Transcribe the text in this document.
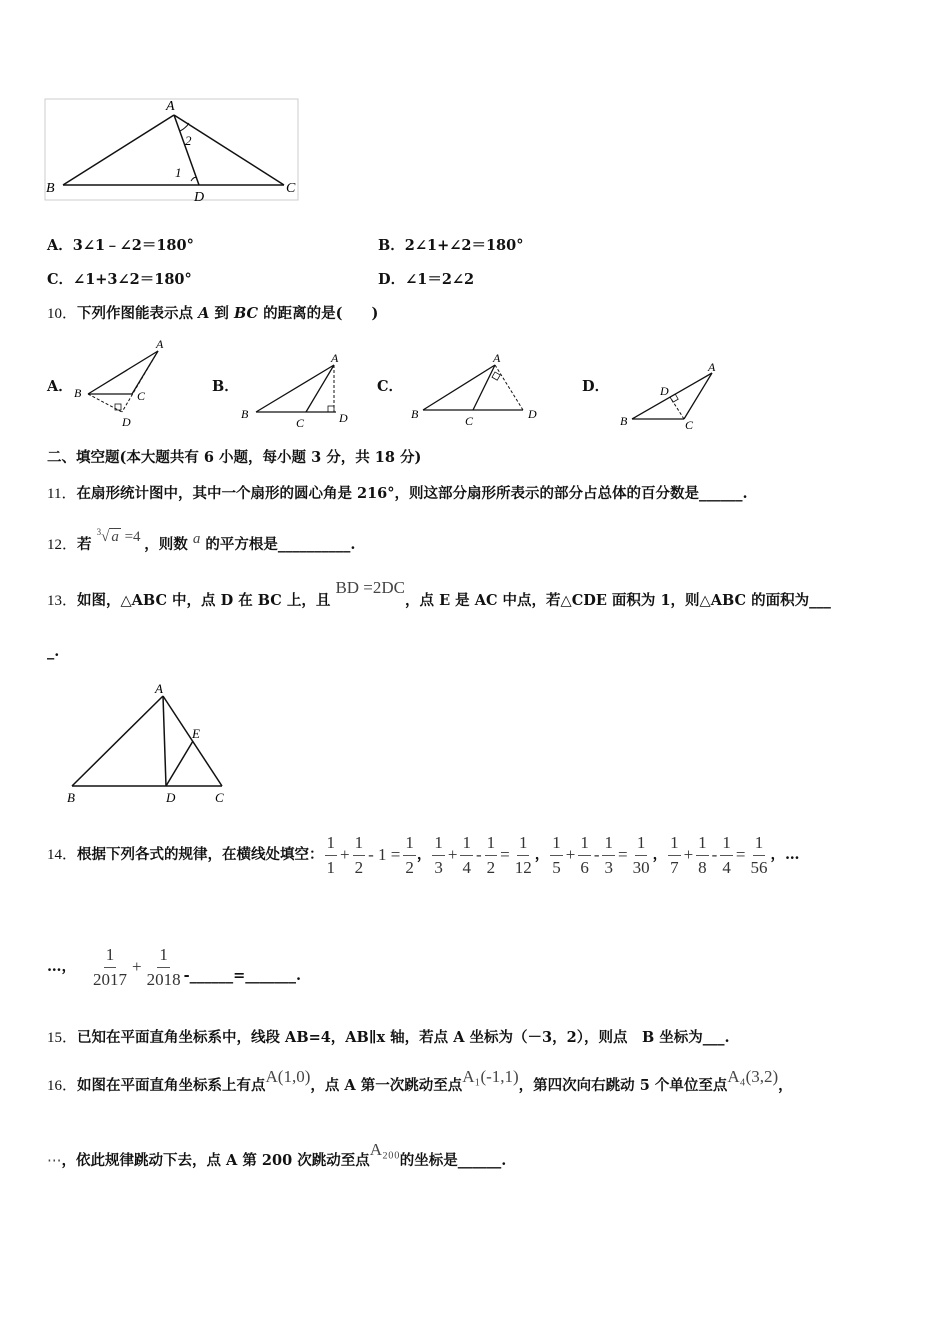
A
B	C
D
1
2
A．3∠1﹣∠2＝180°	B．2∠1+∠2＝180°
C．∠1+3∠2＝180°	D．∠1＝2∠2
10．下列作图能表示点 A 到 BC 的距离的是(　　)
A．
A
B	C
D
B．
A
B
C	D
C．
A
B	C	D
D．
A
B	C
D
二、填空题(本大题共有 6 小题，每小题 3 分，共 18 分)
11．在扇形统计图中，其中一个扇形的圆心角是 216°，则这部分扇形所表示的部分占总体的百分数是______.
12．若 $^3$√ a =4 ，则数 a 的平方根是__________.
13．如图，△ABC 中，点 D 在 BC 上，且 BD =2DC，点 E 是 AC 中点，若△CDE 面积为 1，则△ABC 的面积为___
_.
A
B	C
D
E
14． 根据下列各式的规律，在横线处填空： $\frac{1}{1} + \frac{1}{2} - 1 = \frac{1}{2}$ ， $\frac{1}{3} + \frac{1}{4} - \frac{1}{2} = \frac{1}{12}$ ， $\frac{1}{5} + \frac{1}{6} - \frac{1}{3} = \frac{1}{30}$ ， $\frac{1}{7} + \frac{1}{8} - \frac{1}{4} = \frac{1}{56}$ ， …
…， $\frac{1}{2017} + \frac{1}{2018}$ -______=_______.
15．已知在平面直角坐标系中，线段 AB=4，AB∥x 轴，若点 A 坐标为（－3，2），则点　B 坐标为___.
16．如图在平面直角坐标系上有点A(1,0)，点 A 第一次跳动至点A₁(-1,1)，第四次向右跳动 5 个单位至点A₄(3,2)，
⋯，依此规律跳动下去，点 A 第 200 次跳动至点A₂₀₀的坐标是______.
